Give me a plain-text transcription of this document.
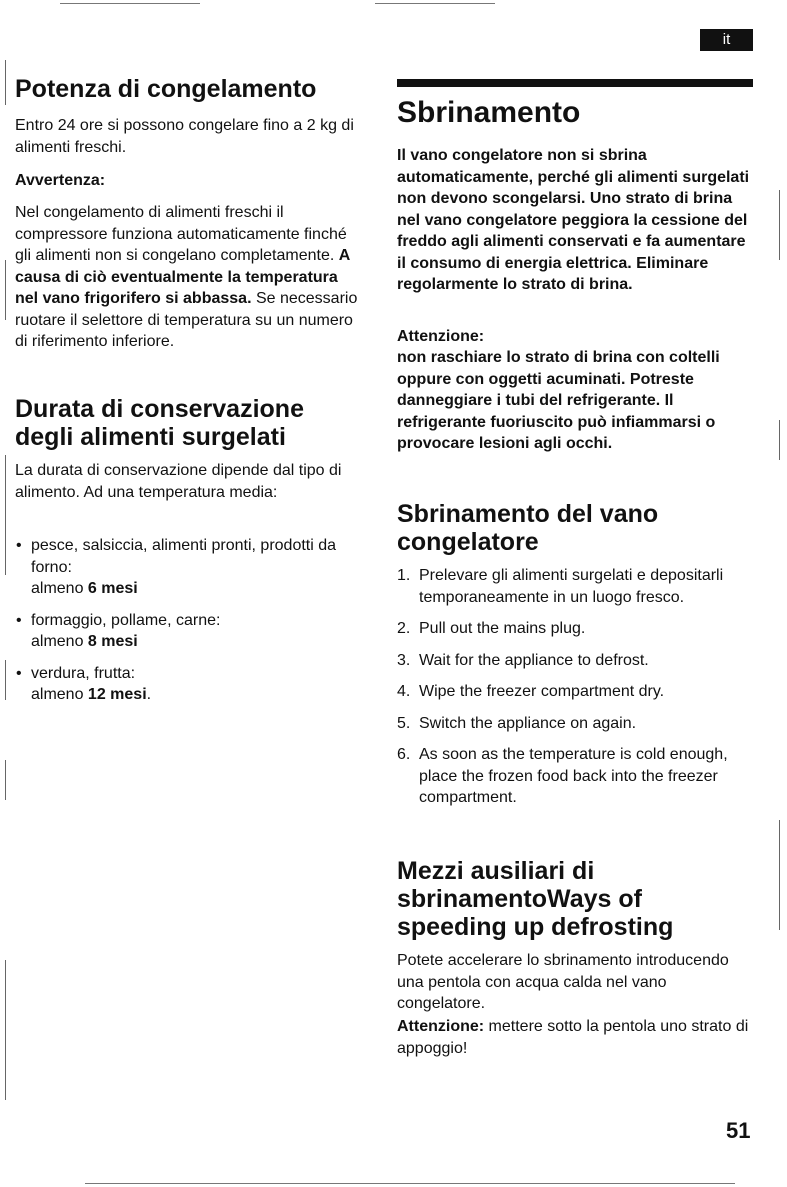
it
Potenza di congelamento

Entro 24 ore si possono congelare fino a 2 kg di alimenti freschi.

Avvertenza:

Nel congelamento di alimenti freschi il compressore funziona automaticamente finché gli alimenti non si congelano completamente. A causa di ciò eventualmente la temperatura nel vano frigorifero si abbassa. Se necessario ruotare il selettore di temperatura su un numero di riferimento inferiore.

Durata di conservazione degli alimenti surgelati

La durata di conservazione dipende dal tipo di alimento. Ad una temperatura media:

• pesce, salsiccia, alimenti pronti, prodotti da forno:
almeno 6 mesi
• formaggio, pollame, carne:
almeno 8 mesi
• verdura, frutta:
almeno 12 mesi.
Sbrinamento

Il vano congelatore non si sbrina automaticamente, perché gli alimenti surgelati non devono scongelarsi. Uno strato di brina nel vano congelatore peggiora la cessione del freddo agli alimenti conservati e fa aumentare il consumo di energia elettrica. Eliminare regolarmente lo strato di brina.

Attenzione:

non raschiare lo strato di brina con coltelli oppure con oggetti acuminati. Potreste danneggiare i tubi del refrigerante. Il refrigerante fuoriuscito può infiammarsi o provocare lesioni agli occhi.

Sbrinamento del vano congelatore
1. Prelevare gli alimenti surgelati e depositarli temporaneamente in un luogo fresco.
2. Pull out the mains plug.
3. Wait for the appliance to defrost.
4. Wipe the freezer compartment dry.
5. Switch the appliance on again.
6. As soon as the temperature is cold enough, place the frozen food back into the freezer compartment.
Mezzi ausiliari di sbrinamentoWays of speeding up defrosting

Potete accelerare lo sbrinamento introducendo una pentola con acqua calda nel vano congelatore.

Attenzione: mettere sotto la pentola uno strato di appoggio!

51
